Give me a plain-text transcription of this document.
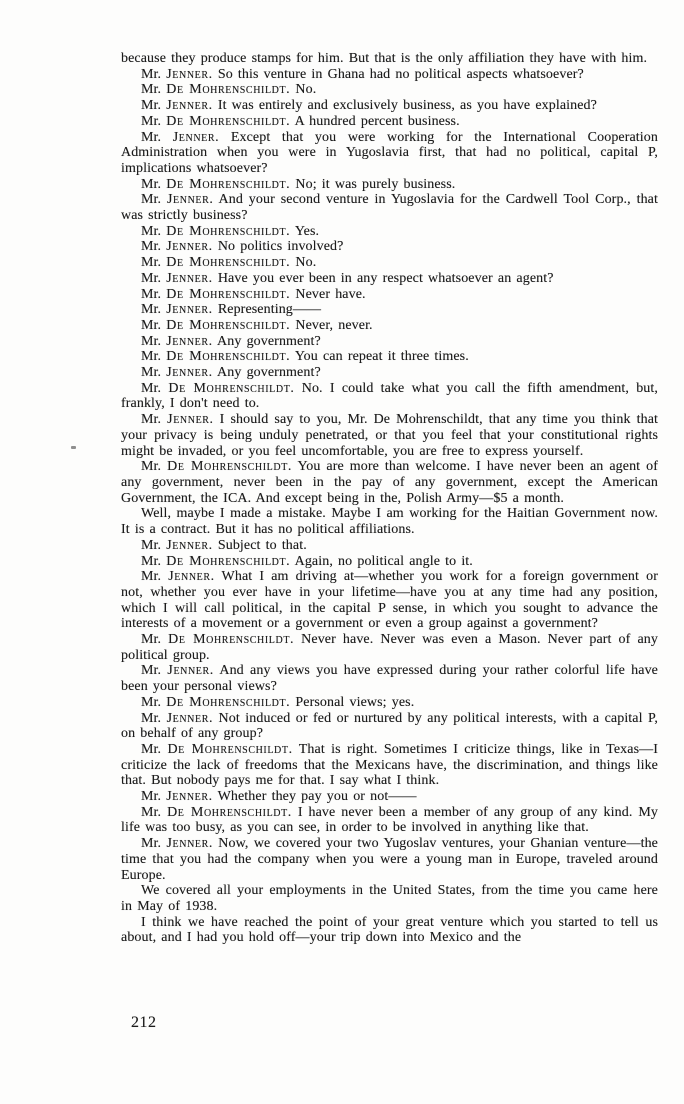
because they produce stamps for him. But that is the only affiliation they have with him.

Mr. Jenner. So this venture in Ghana had no political aspects whatsoever?

Mr. De Mohrenschildt. No.

Mr. Jenner. It was entirely and exclusively business, as you have explained?

Mr. De Mohrenschildt. A hundred percent business.

Mr. Jenner. Except that you were working for the International Cooperation Administration when you were in Yugoslavia first, that had no political, capital P, implications whatsoever?

Mr. De Mohrenschildt. No; it was purely business.

Mr. Jenner. And your second venture in Yugoslavia for the Cardwell Tool Corp., that was strictly business?

Mr. De Mohrenschildt. Yes.

Mr. Jenner. No politics involved?

Mr. De Mohrenschildt. No.

Mr. Jenner. Have you ever been in any respect whatsoever an agent?

Mr. De Mohrenschildt. Never have.

Mr. Jenner. Representing——

Mr. De Mohrenschildt. Never, never.

Mr. Jenner. Any government?

Mr. De Mohrenschildt. You can repeat it three times.

Mr. Jenner. Any government?

Mr. De Mohrenschildt. No. I could take what you call the fifth amendment, but, frankly, I don't need to.

Mr. Jenner. I should say to you, Mr. De Mohrenschildt, that any time you think that your privacy is being unduly penetrated, or that you feel that your constitutional rights might be invaded, or you feel uncomfortable, you are free to express yourself.

Mr. De Mohrenschildt. You are more than welcome. I have never been an agent of any government, never been in the pay of any government, except the American Government, the ICA. And except being in the, Polish Army—$5 a month.

Well, maybe I made a mistake. Maybe I am working for the Haitian Government now. It is a contract. But it has no political affiliations.

Mr. Jenner. Subject to that.

Mr. De Mohrenschildt. Again, no political angle to it.

Mr. Jenner. What I am driving at—whether you work for a foreign government or not, whether you ever have in your lifetime—have you at any time had any position, which I will call political, in the capital P sense, in which you sought to advance the interests of a movement or a government or even a group against a government?

Mr. De Mohrenschildt. Never have. Never was even a Mason. Never part of any political group.

Mr. Jenner. And any views you have expressed during your rather colorful life have been your personal views?

Mr. De Mohrenschildt. Personal views; yes.

Mr. Jenner. Not induced or fed or nurtured by any political interests, with a capital P, on behalf of any group?

Mr. De Mohrenschildt. That is right. Sometimes I criticize things, like in Texas—I criticize the lack of freedoms that the Mexicans have, the discrimination, and things like that. But nobody pays me for that. I say what I think.

Mr. Jenner. Whether they pay you or not——

Mr. De Mohrenschildt. I have never been a member of any group of any kind. My life was too busy, as you can see, in order to be involved in anything like that.

Mr. Jenner. Now, we covered your two Yugoslav ventures, your Ghanian venture—the time that you had the company when you were a young man in Europe, traveled around Europe.

We covered all your employments in the United States, from the time you came here in May of 1938.

I think we have reached the point of your great venture which you started to tell us about, and I had you hold off—your trip down into Mexico and the

212
